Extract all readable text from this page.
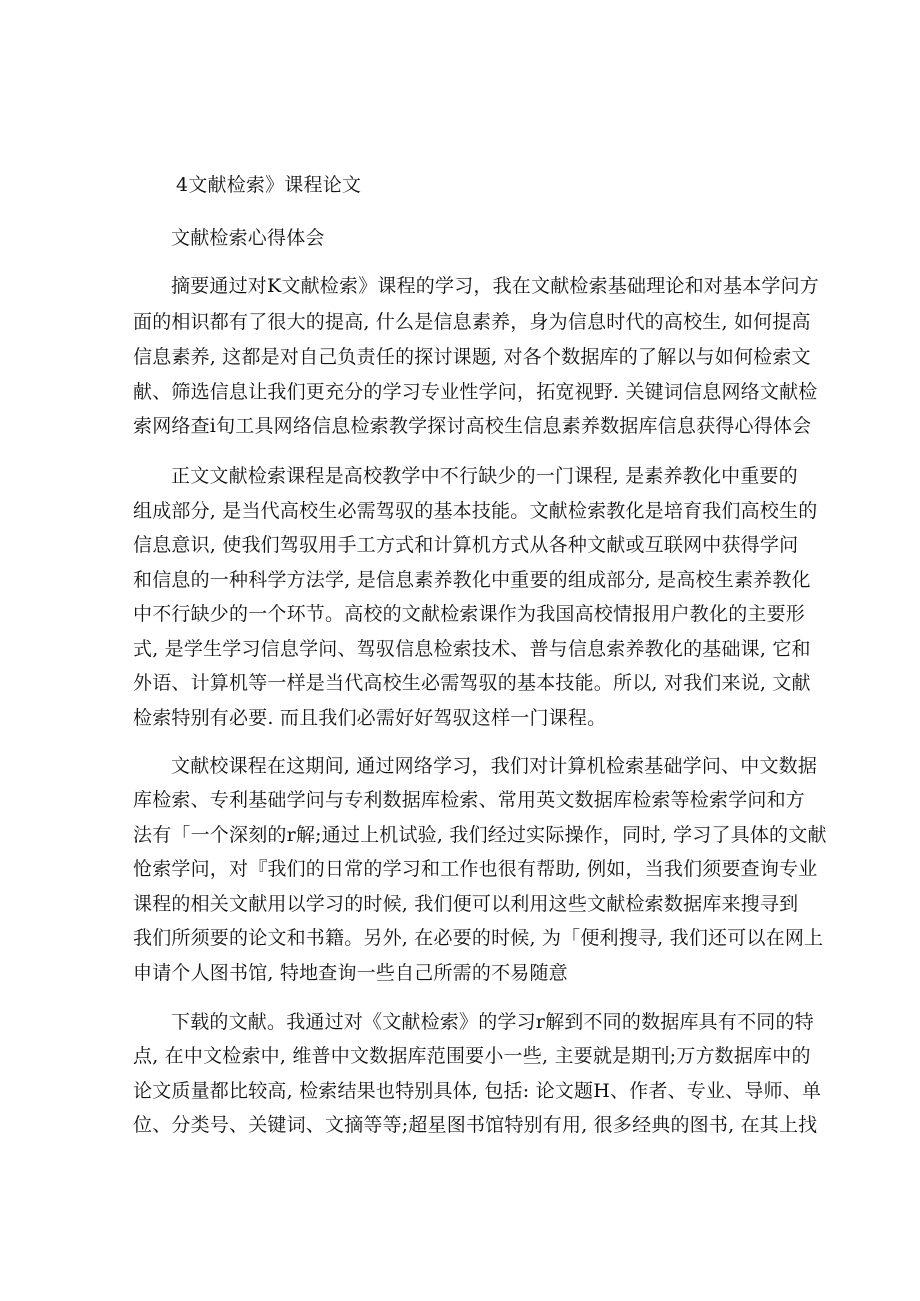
4文献检索》课程论文
文献检索心得体会
摘要通过对K文献检索》课程的学习，我在文献检索基础理论和对基本学问方
面的相识都有了很大的提高, 什么是信息素养，身为信息时代的高校生, 如何提高
信息素养, 这都是对自己负责任的探讨课题, 对各个数据库的了解以与如何检索文
献、筛选信息让我们更充分的学习专业性学问，拓宽视野. 关键词信息网络文献检
索网络查i旬工具网络信息检索教学探讨高校生信息素养数据库信息获得心得体会
正文文献检索课程是高校教学中不行缺少的一门课程, 是素养教化中重要的
组成部分, 是当代高校生必需驾驭的基本技能。文献检索教化是培育我们高校生的
信息意识, 使我们驾驭用手工方式和计算机方式从各种文献或互联网中获得学问
和信息的一种科学方法学, 是信息素养教化中重要的组成部分, 是高校生素养教化
中不行缺少的一个环节。高校的文献检索课作为我国高校情报用户教化的主要形
式, 是学生学习信息学问、驾驭信息检索技术、普与信息索养教化的基础课, 它和
外语、计算机等一样是当代高校生必需驾驭的基本技能。所以, 对我们来说, 文献
检索特别有必要. 而且我们必需好好驾驭这样一门课程。
文献校课程在这期间, 通过网络学习，我们对计算机检索基础学问、中文数据
库检索、专利基础学问与专利数据库检索、常用英文数据库检索等检索学问和方
法有「一个深刻的r解;通过上机试验, 我们经过实际操作，同时, 学习了具体的文献
怆索学问，对『我们的日常的学习和工作也很有帮助, 例如，当我们须要查询专业
课程的相关文献用以学习的时候, 我们便可以利用这些文献检索数据库来搜寻到
我们所须要的论文和书籍。另外, 在必要的时候, 为「便利搜寻, 我们还可以在网上
申请个人图书馆, 特地查询一些自己所需的不易随意
下载的文献。我通过对《文献检索》的学习r解到不同的数据库具有不同的特
点, 在中文检索中, 维普中文数据库范围要小一些, 主要就是期刊;万方数据库中的
论文质量都比较高, 检索结果也特别具体, 包括: 论文题H、作者、专业、导师、单
位、分类号、关键词、文摘等等;超星图书馆特别有用, 很多经典的图书, 在其上找
